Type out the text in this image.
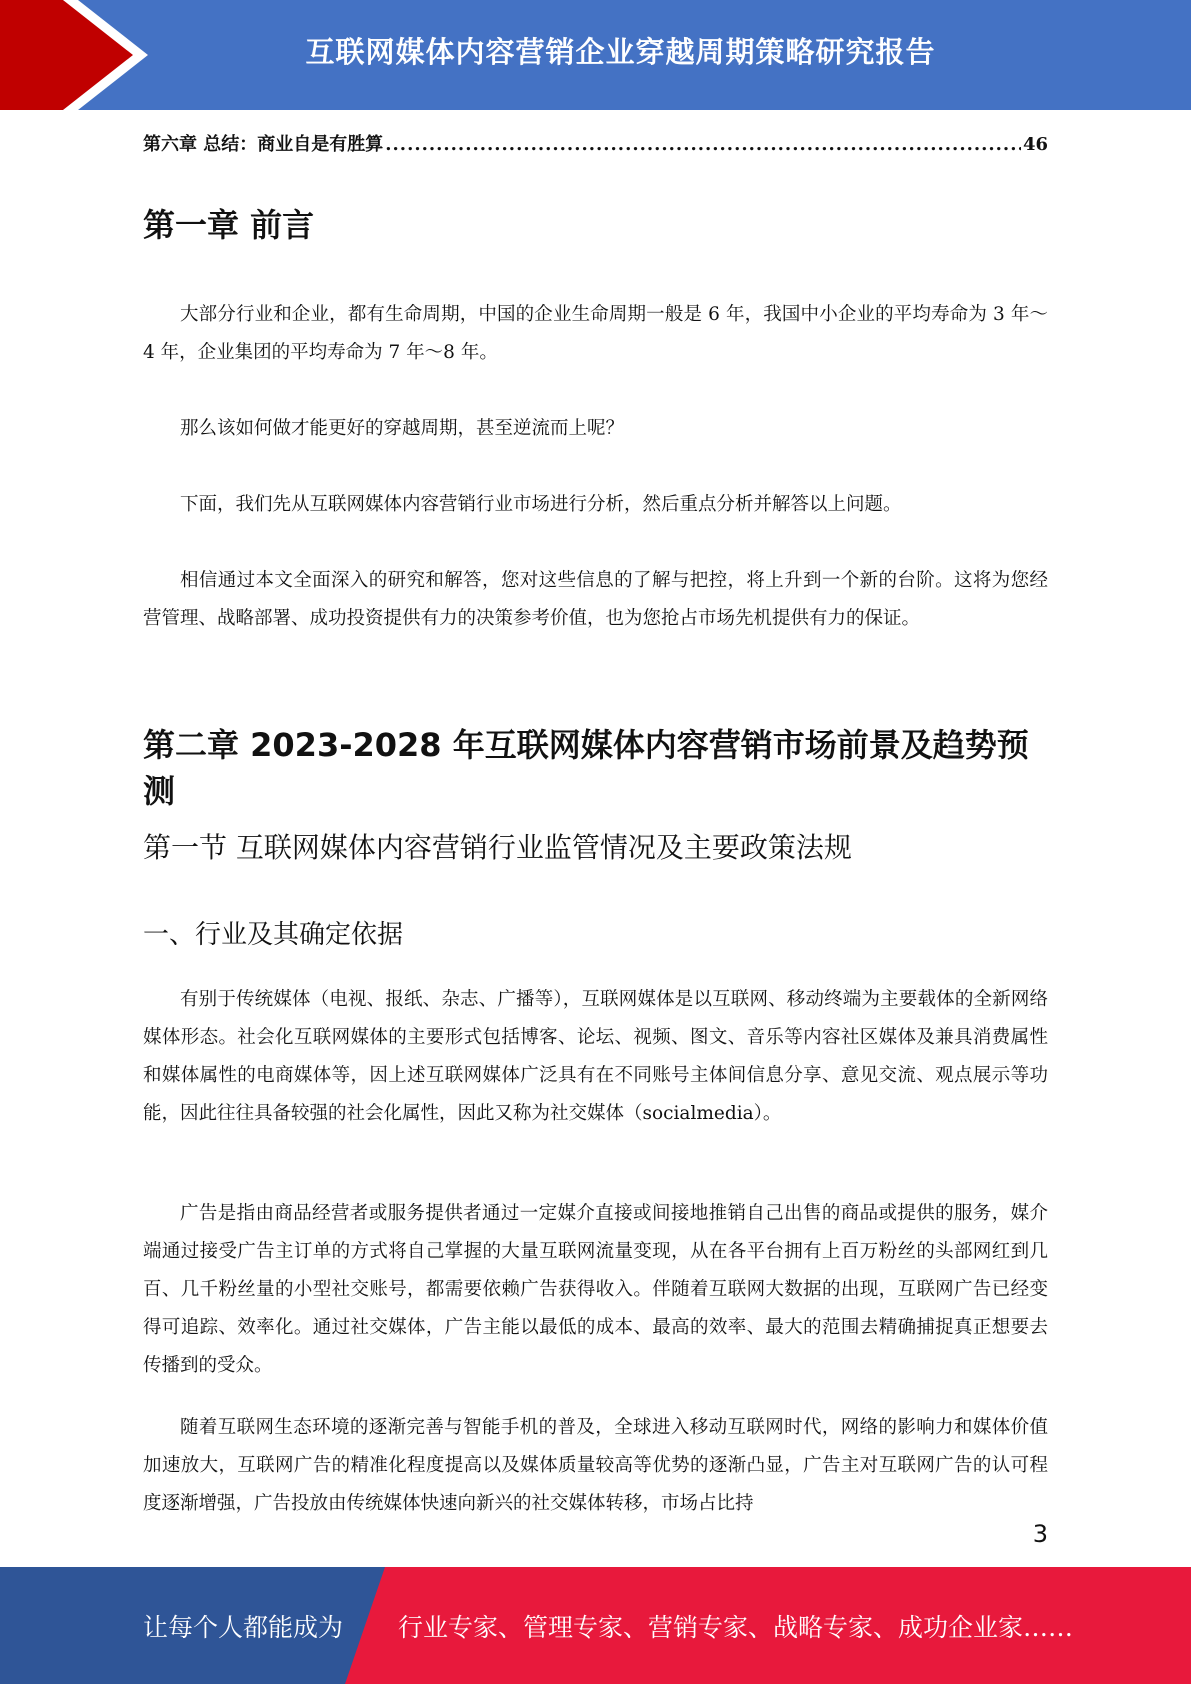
互联网媒体内容营销企业穿越周期策略研究报告
第六章 总结：商业自是有胜算
.....	46
第一章 前言

大部分行业和企业，都有生命周期，中国的企业生命周期一般是 6 年，我国中小企业的平均寿命为 3 年～4 年，企业集团的平均寿命为 7 年～8 年。

那么该如何做才能更好的穿越周期，甚至逆流而上呢？

下面，我们先从互联网媒体内容营销行业市场进行分析，然后重点分析并解答以上问题。

相信通过本文全面深入的研究和解答，您对这些信息的了解与把控，将上升到一个新的台阶。这将为您经营管理、战略部署、成功投资提供有力的决策参考价值，也为您抢占市场先机提供有力的保证。

第二章 2023-2028 年互联网媒体内容营销市场前景及趋势预测
第一节 互联网媒体内容营销行业监管情况及主要政策法规
一、行业及其确定依据

有别于传统媒体（电视、报纸、杂志、广播等），互联网媒体是以互联网、移动终端为主要载体的全新网络媒体形态。社会化互联网媒体的主要形式包括博客、论坛、视频、图文、音乐等内容社区媒体及兼具消费属性和媒体属性的电商媒体等，因上述互联网媒体广泛具有在不同账号主体间信息分享、意见交流、观点展示等功能，因此往往具备较强的社会化属性，因此又称为社交媒体（socialmedia）。

广告是指由商品经营者或服务提供者通过一定媒介直接或间接地推销自己出售的商品或提供的服务，媒介端通过接受广告主订单的方式将自己掌握的大量互联网流量变现，从在各平台拥有上百万粉丝的头部网红到几百、几千粉丝量的小型社交账号，都需要依赖广告获得收入。伴随着互联网大数据的出现，互联网广告已经变得可追踪、效率化。通过社交媒体，广告主能以最低的成本、最高的效率、最大的范围去精确捕捉真正想要去传播到的受众。

随着互联网生态环境的逐渐完善与智能手机的普及，全球进入移动互联网时代，网络的影响力和媒体价值加速放大，互联网广告的精准化程度提高以及媒体质量较高等优势的逐渐凸显，广告主对互联网广告的认可程度逐渐增强，广告投放由传统媒体快速向新兴的社交媒体转移，市场占比持

3
让每个人都能成为 行业专家、管理专家、营销专家、战略专家、成功企业家……
